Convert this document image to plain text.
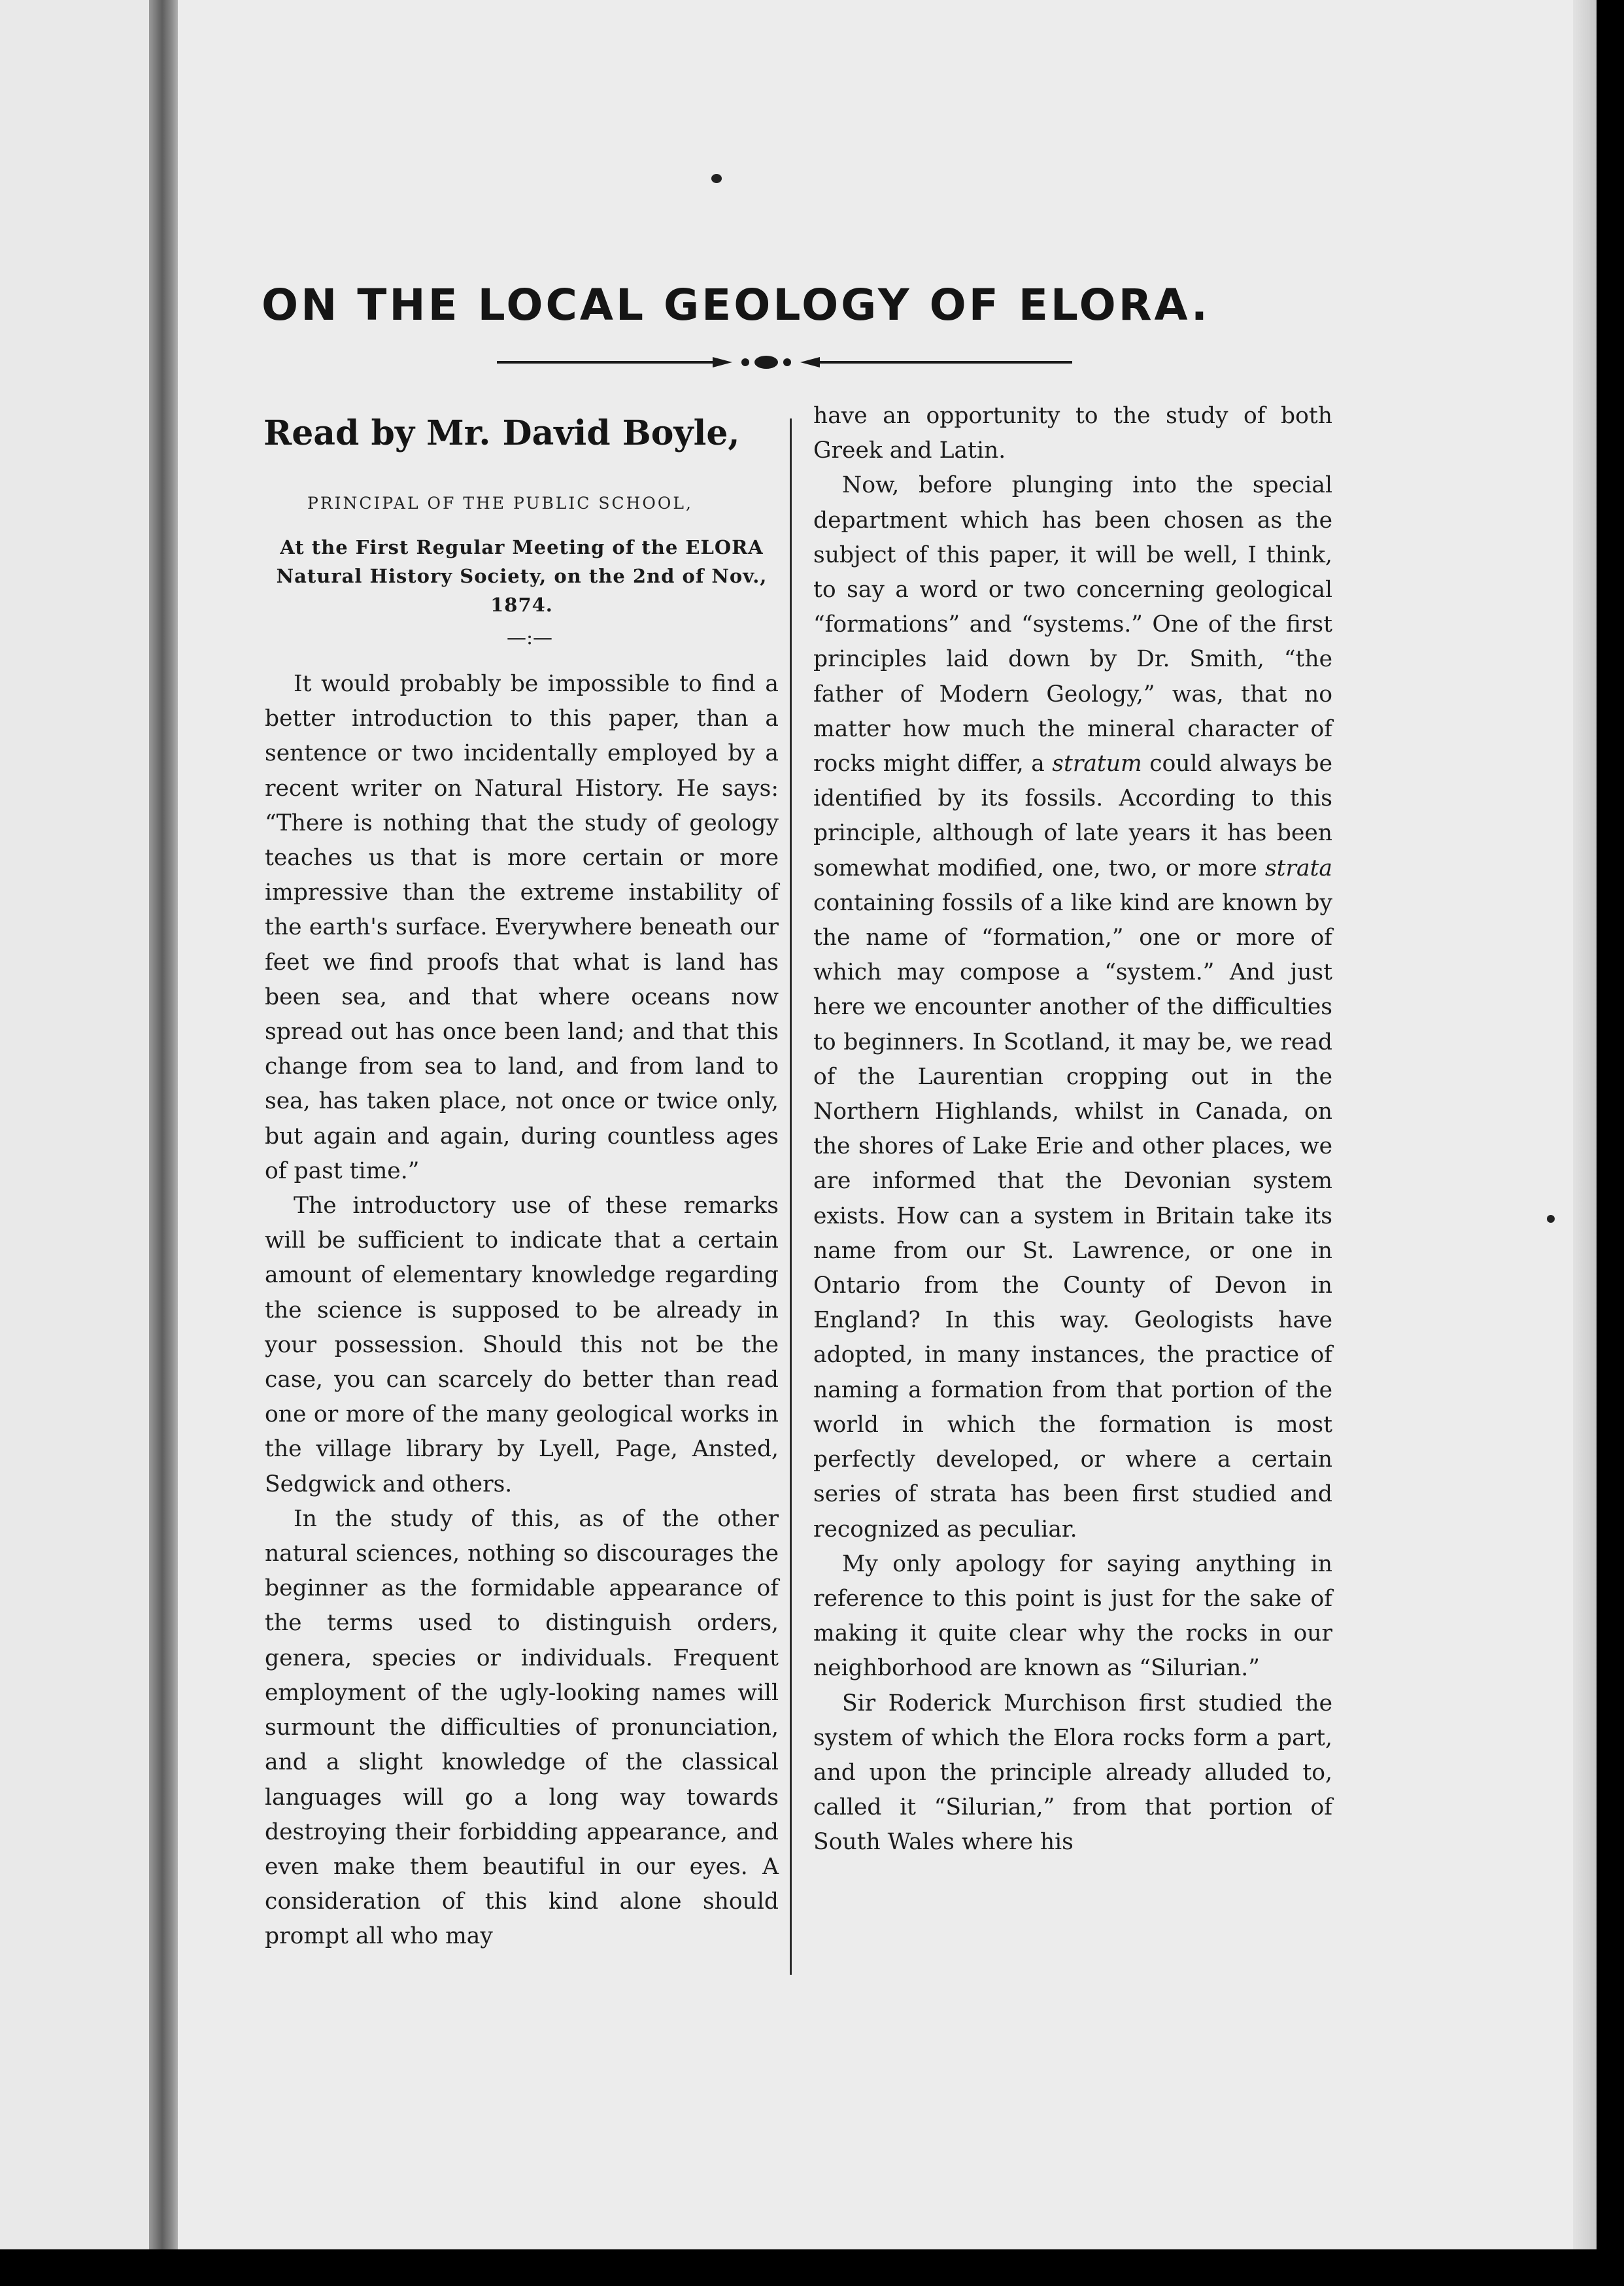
ON THE LOCAL GEOLOGY OF ELORA.
Read by Mr. David Boyle,
PRINCIPAL OF THE PUBLIC SCHOOL,
At the First Regular Meeting of the ELORA Natural History Society, on the 2nd of Nov., 1874.
—:—

It would probably be impossible to find a better introduction to this paper, than a sentence or two incidentally employed by a recent writer on Natural History. He says: “There is nothing that the study of geology teaches us that is more certain or more impressive than the extreme instability of the earth's surface. Everywhere beneath our feet we find proofs that what is land has been sea, and that where oceans now spread out has once been land; and that this change from sea to land, and from land to sea, has taken place, not once or twice only, but again and again, during countless ages of past time.”

The introductory use of these remarks will be sufficient to indicate that a certain amount of elementary knowledge regarding the science is supposed to be already in your possession. Should this not be the case, you can scarcely do better than read one or more of the many geological works in the village library by Lyell, Page, Ansted, Sedgwick and others.

In the study of this, as of the other natural sciences, nothing so discourages the beginner as the formidable appearance of the terms used to distinguish orders, genera, species or individuals. Frequent employment of the ugly-looking names will surmount the difficulties of pronunciation, and a slight knowledge of the classical languages will go a long way towards destroying their forbidding appearance, and even make them beautiful in our eyes. A consideration of this kind alone should prompt all who may

have an opportunity to the study of both Greek and Latin.

Now, before plunging into the special department which has been chosen as the subject of this paper, it will be well, I think, to say a word or two concerning geological “formations” and “systems.” One of the first principles laid down by Dr. Smith, “the father of Modern Geology,” was, that no matter how much the mineral character of rocks might differ, a stratum could always be identified by its fossils. According to this principle, although of late years it has been somewhat modified, one, two, or more strata containing fossils of a like kind are known by the name of “formation,” one or more of which may compose a “system.” And just here we encounter another of the difficulties to beginners. In Scotland, it may be, we read of the Laurentian cropping out in the Northern Highlands, whilst in Canada, on the shores of Lake Erie and other places, we are informed that the Devonian system exists. How can a system in Britain take its name from our St. Lawrence, or one in Ontario from the County of Devon in England? In this way. Geologists have adopted, in many instances, the practice of naming a formation from that portion of the world in which the formation is most perfectly developed, or where a certain series of strata has been first studied and recognized as peculiar.

My only apology for saying anything in reference to this point is just for the sake of making it quite clear why the rocks in our neighborhood are known as “Silurian.”

Sir Roderick Murchison first studied the system of which the Elora rocks form a part, and upon the principle already alluded to, called it “Silurian,” from that portion of South Wales where his
